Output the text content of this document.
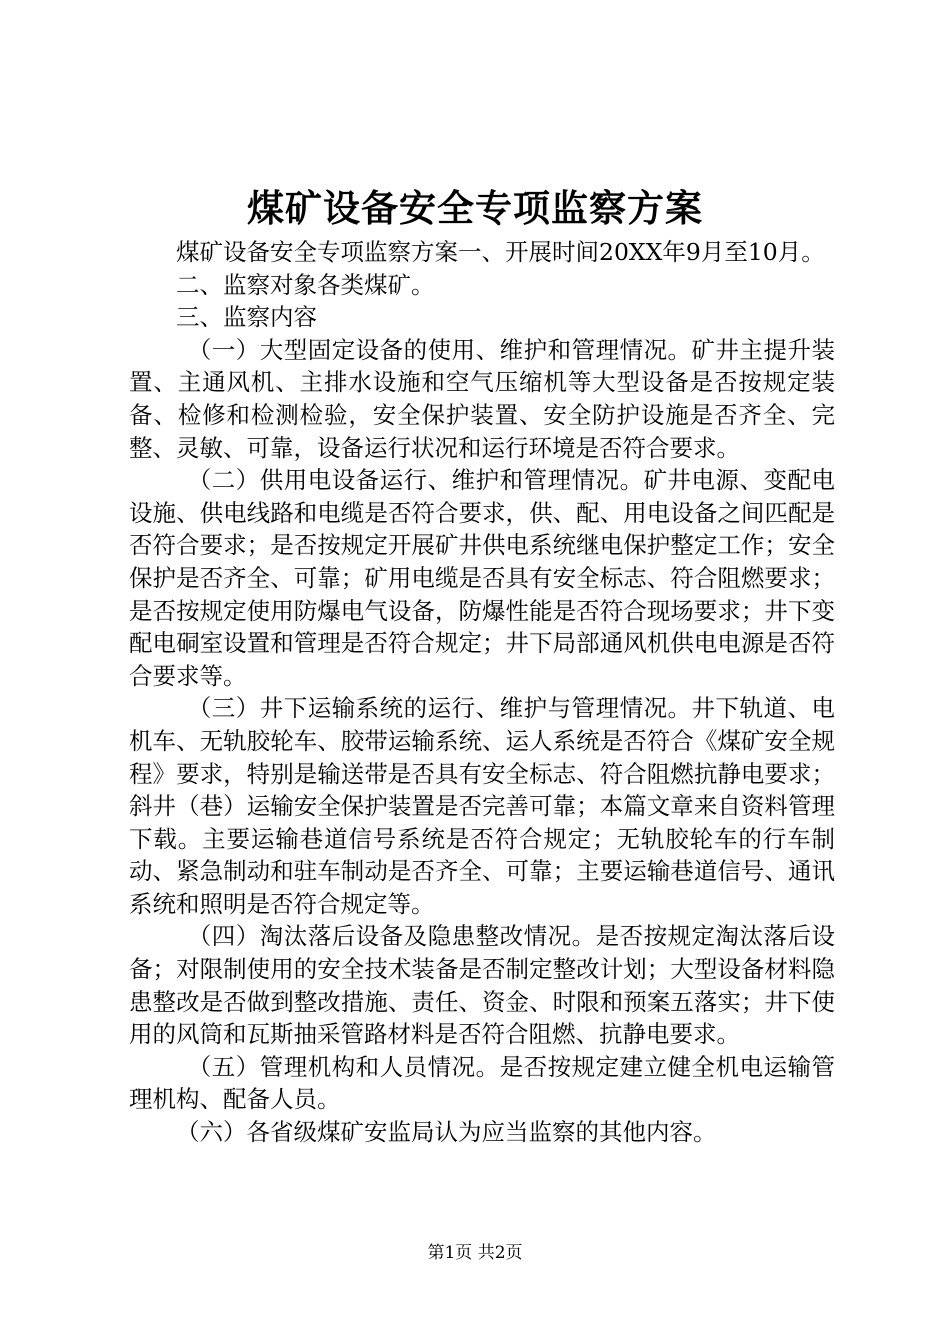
煤矿设备安全专项监察方案

煤矿设备安全专项监察方案一、开展时间20XX年9月至10月。

二、监察对象各类煤矿。

三、监察内容

（一）大型固定设备的使用、维护和管理情况。矿井主提升装置、主通风机、主排水设施和空气压缩机等大型设备是否按规定装备、检修和检测检验，安全保护装置、安全防护设施是否齐全、完整、灵敏、可靠，设备运行状况和运行环境是否符合要求。

（二）供用电设备运行、维护和管理情况。矿井电源、变配电设施、供电线路和电缆是否符合要求，供、配、用电设备之间匹配是否符合要求；是否按规定开展矿井供电系统继电保护整定工作；安全保护是否齐全、可靠；矿用电缆是否具有安全标志、符合阻燃要求；是否按规定使用防爆电气设备，防爆性能是否符合现场要求；井下变配电硐室设置和管理是否符合规定；井下局部通风机供电电源是否符合要求等。

（三）井下运输系统的运行、维护与管理情况。井下轨道、电机车、无轨胶轮车、胶带运输系统、运人系统是否符合《煤矿安全规程》要求，特别是输送带是否具有安全标志、符合阻燃抗静电要求；斜井（巷）运输安全保护装置是否完善可靠；本篇文章来自资料管理下载。主要运输巷道信号系统是否符合规定；无轨胶轮车的行车制动、紧急制动和驻车制动是否齐全、可靠；主要运输巷道信号、通讯系统和照明是否符合规定等。

（四）淘汰落后设备及隐患整改情况。是否按规定淘汰落后设备；对限制使用的安全技术装备是否制定整改计划；大型设备材料隐患整改是否做到整改措施、责任、资金、时限和预案五落实；井下使用的风筒和瓦斯抽采管路材料是否符合阻燃、抗静电要求。

（五）管理机构和人员情况。是否按规定建立健全机电运输管理机构、配备人员。

（六）各省级煤矿安监局认为应当监察的其他内容。

第1页 共2页
